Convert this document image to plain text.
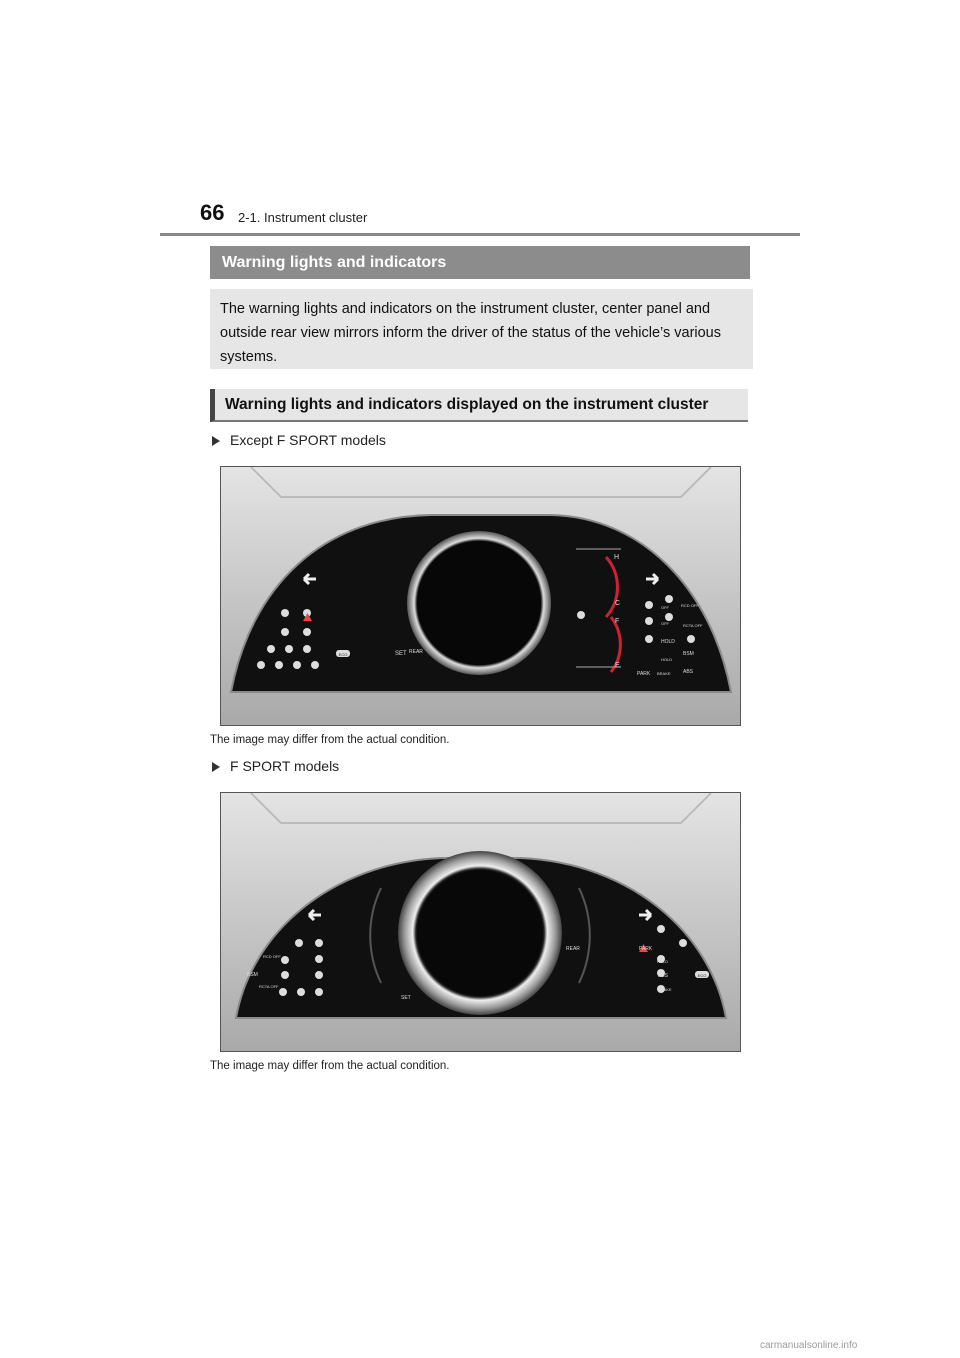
66 2-1. Instrument cluster
Warning lights and indicators
The warning lights and indicators on the instrument cluster, center panel and outside rear view mirrors inform the driver of the status of the vehicle’s various systems.
Warning lights and indicators displayed on the instrument cluster
Except F SPORT models
ECO	SET REAR
H
C
F
E
OFF	RCD OFF
OFF
HOLD
RCTA OFF
BSM
HOLD
PARK BRAKE ABS
The image may differ from the actual condition.
F SPORT models
RCD OFF
BSM
RCTA OFF
SET
REAR	PARK
HOLD
ABS
BRAKE
ECO
The image may differ from the actual condition.
carmanualsonline.info
